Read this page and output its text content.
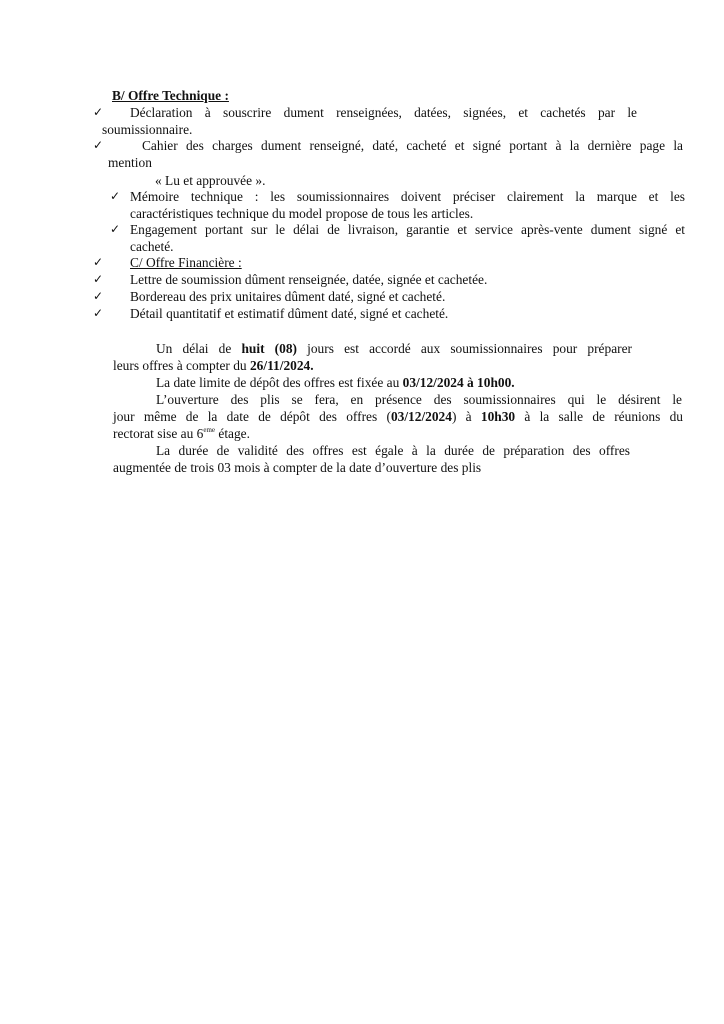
B/ Offre Technique :
✓ Déclaration à souscrire dument renseignées, datées, signées, et cachetés par le
soumissionnaire.
✓	Cahier des charges dument renseigné, daté, cacheté et signé portant à la dernière page la
mention
« Lu et approuvée ».
✓ Mémoire technique : les soumissionnaires doivent préciser clairement la marque et les
caractéristiques technique du model propose de tous les articles.
✓ Engagement portant sur le délai de livraison, garantie et service après-vente dument signé et
cacheté.
✓ C/ Offre Financière :
✓ Lettre de soumission dûment renseignée, datée, signée et cachetée.
✓ Bordereau des prix unitaires dûment daté, signé et cacheté.
✓ Détail quantitatif et estimatif dûment daté, signé et cacheté.
Un délai de huit (08) jours est accordé aux soumissionnaires pour préparer
leurs offres à compter du 26/11/2024.
La date limite de dépôt des offres est fixée au 03/12/2024 à 10h00.
L’ouverture des plis se fera, en présence des soumissionnaires qui le désirent le
jour même de la date de dépôt des offres (03/12/2024) à 10h30 à la salle de réunions du
rectorat sise au 6eme étage.
La durée de validité des offres est égale à la durée de préparation des offres
augmentée de trois 03 mois à compter de la date d’ouverture des plis
